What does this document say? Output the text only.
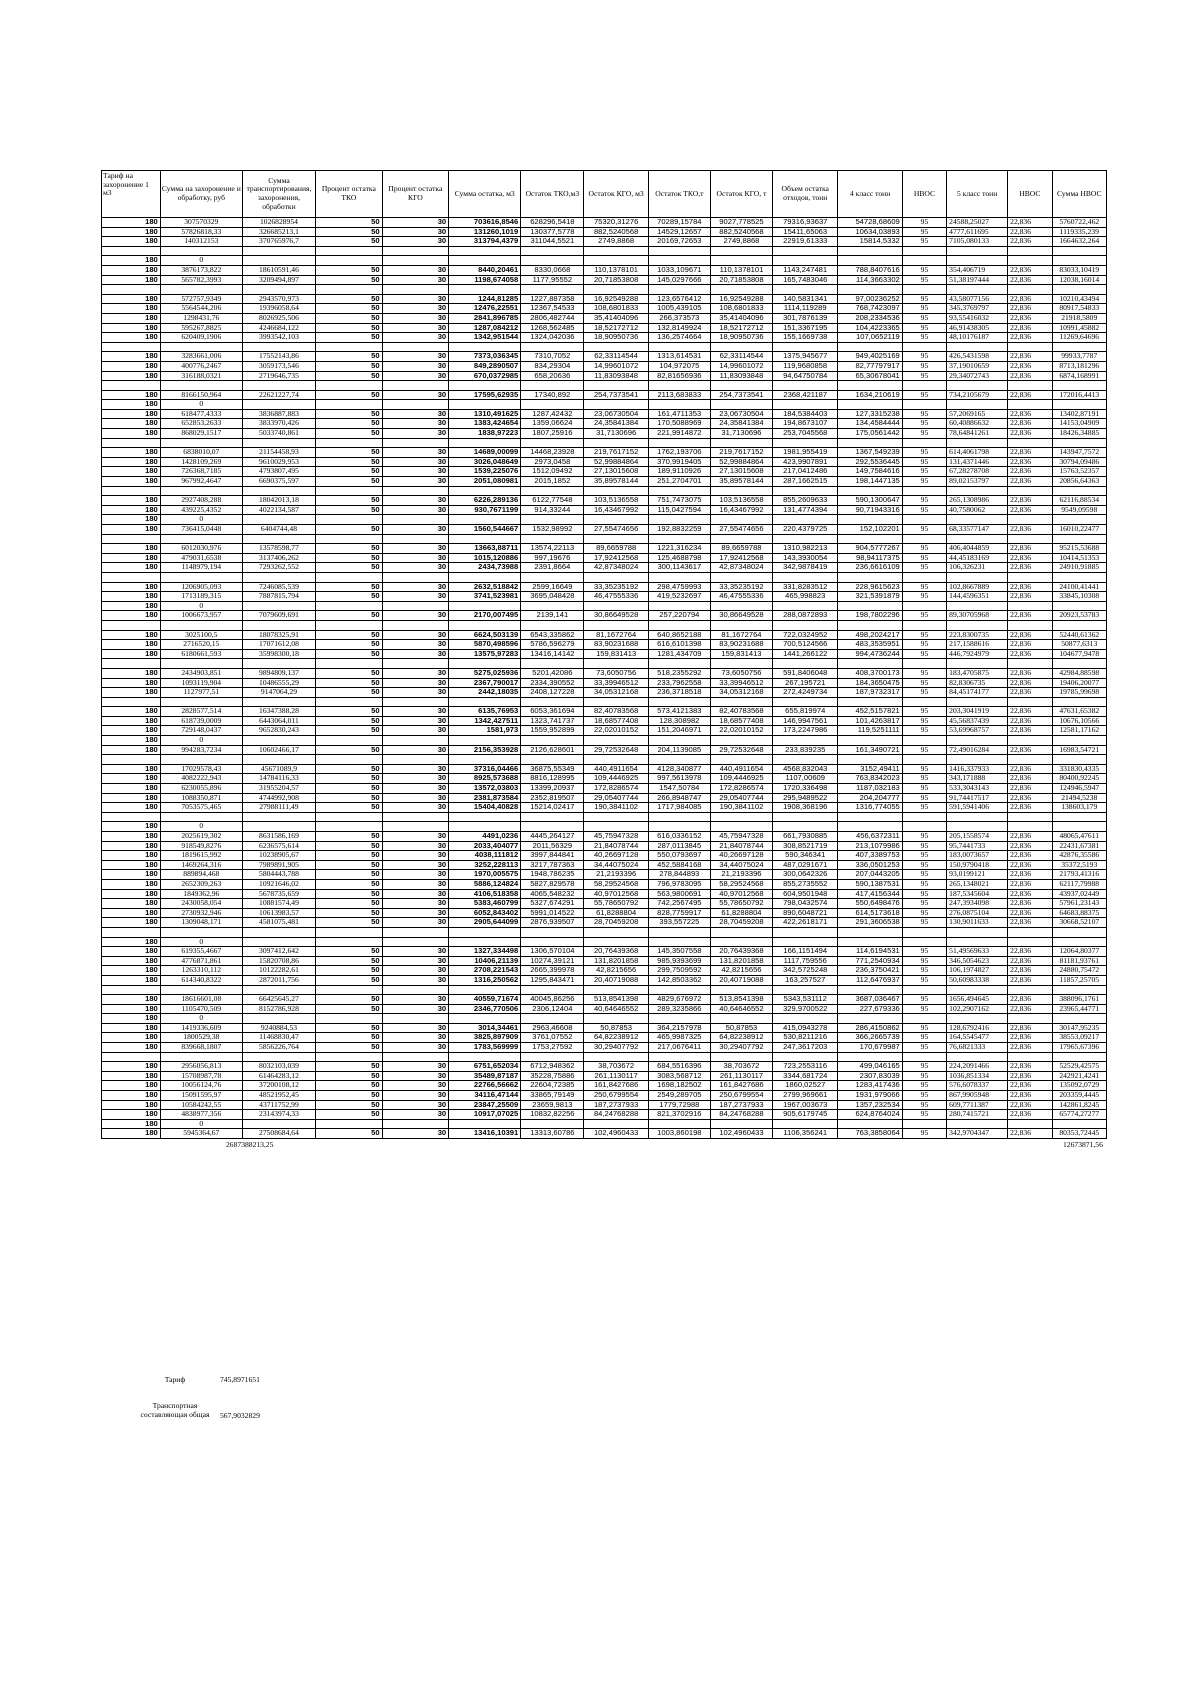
Тариф на захоронение 1 м3	Сумма на захоронение и обработку, руб	Сумма транспортирования, захоронения, обработки	Процент остатка ТКО	Процент остатка КГО	Сумма остатка, м3	Остаток ТКО,м3	Остаток КГО, м3	Остаток ТКО,т	Остаток КГО, т	Объем остатка отходов, тонн	4 класс тонн	НВОС	5 класс тонн	НВОС	Сумма НВОС
180	307570329	1026828954	50	30	703616,8546	628296,5418	75320,31276	70289,15784	9027,778525	79316,93637	54728,68609	95	24588,25027	22,836	5760722,462
180	57826818,33	326685213,1	50	30	131260,1019	130377,5778	882,5240568	14529,12657	882,5240568	15411,65063	10634,03893	95	4777,611695	22,836	1119335,239
180	140312153	370765976,7	50	30	313794,4379	311044,5521	2749,8868	20169,72653	2749,8868	22919,61333	15814,5332	95	7105,080133	22,836	1664632,264

180	0														
180	3876173,822	18610591,46	50	30	8440,20461	8330,0668	110,1378101	1033,109671	110,1378101	1143,247481	788,8407616	95	354,406719	22,836	83033,10419
180	565782,3993	3209494,897	50	30	1198,674058	1177,95552	20,71853808	145,0297666	20,71853808	165,7483046	114,3663302	95	51,38197444	22,836	12038,16014

180	572757,9349	2943570,973	50	30	1244,81285	1227,887358	16,92549288	123,6576412	16,92549288	140,5831341	97,00236252	95	43,58077156	22,836	10210,43494
180	5564544,206	19396058,64	50	30	12476,22551	12367,54533	108,6801833	1005,439105	108,6801833	1114,119289	768,7423097	95	345,3769797	22,836	80917,54833
180	1298431,76	8026925,506	50	30	2841,896785	2806,482744	35,41404096	266,373573	35,41404096	301,7876139	208,2334536	95	93,55416032	22,836	21918,5809
180	595267,8825	4246684,122	50	30	1287,084212	1268,562485	18,52172712	132,8149924	18,52172712	151,3367195	104,4223365	95	46,91438305	22,836	10991,45882
180	620409,1906	3993542,103	50	30	1342,951544	1324,042036	18,90950736	136,2574664	18,90950736	155,1669738	107,0652119	95	48,10176187	22,836	11269,64696

180	3283661,006	17552143,86	50	30	7373,036345	7310,7052	62,33114544	1313,614531	62,33114544	1375,945677	949,4025169	95	426,5431598	22,836	99933,7787
180	400776,2467	3059173,546	50	30	849,2890507	834,29304	14,99601072	104,972075	14,99601072	119,9680858	82,77797917	95	37,19010659	22,836	8713,181296
180	316188,0321	2719646,735	50	30	670,0372985	658,20636	11,83093848	82,81656936	11,83093848	94,64750784	65,30678041	95	29,34072743	22,836	6874,168991

180	8166150,964	22621227,74	50	30	17595,62935	17340,892	254,7373541	2113,683833	254,7373541	2368,421187	1634,210619	95	734,2105679	22,836	172016,4413
180	0														
180	618477,4333	3836887,883	50	30	1310,491625	1287,42432	23,06730504	161,4711353	23,06730504	184,5384403	127,3315238	95	57,2069165	22,836	13402,87191
180	652853,2633	3833970,426	50	30	1383,424654	1359,06624	24,35841384	170,5088969	24,35841384	194,8673107	134,4584444	95	60,40886632	22,836	14153,04909
180	868029,1517	5033740,861	50	30	1838,97223	1807,25916	31,7130696	221,9914872	31,7130696	253,7045568	175,0561442	95	78,64841261	22,836	18426,34885

180	6838010,07	21154458,93	50	30	14689,00099	14468,23928	219,7617152	1762,193706	219,7617152	1981,955419	1367,549239	95	614,4061798	22,836	143947,7572
180	1428109,269	9610029,953	50	30	3026,048649	2973,0458	52,99884864	370,9919405	52,99884864	423,9907891	292,5536445	95	131,4371446	22,836	30794,09486
180	726368,7185	4793807,495	50	30	1539,225076	1512,09492	27,13015608	189,9110926	27,13015608	217,0412486	149,7584616	95	67,28278708	22,836	15763,52357
180	967992,4647	6690375,597	50	30	2051,080981	2015,1852	35,89578144	251,2704701	35,89578144	287,1662515	198,1447135	95	89,02153797	22,836	20856,64363

180	2927408,288	18042013,18	50	30	6226,289136	6122,77548	103,5136558	751,7473075	103,5136558	855,2609633	590,1300647	95	265,1308986	22,836	62116,88534
180	439225,4352	4022134,587	50	30	930,7671199	914,33244	16,43467992	115,0427594	16,43467992	131,4774394	90,71943316	95	40,7580062	22,836	9549,09598
180	0														
180	736415,0448	6404744,48	50	30	1560,544667	1532,98992	27,55474656	192,8832259	27,55474656	220,4379725	152,102201	95	68,33577147	22,836	16010,22477

180	6012030,976	13578598,77	50	30	13663,88711	13574,22113	89,6659788	1221,316234	89,6659788	1310,982213	904,5777267	95	406,4044859	22,836	95215,53688
180	479031,6538	3137406,262	50	30	1015,120886	997,19676	17,92412568	125,4688798	17,92412568	143,3930054	98,94117375	95	44,45183169	22,836	10414,51353
180	1148979,194	7293262,552	50	30	2434,73988	2391,8664	42,87348024	300,1143617	42,87348024	342,9878419	236,6616109	95	106,326231	22,836	24910,91885

180	1206905,093	7246085,539	50	30	2632,518842	2599,16649	33,35235192	298,4759993	33,35235192	331,8283512	228,9615623	95	102,8667889	22,836	24100,41441
180	1713189,315	7887815,794	50	30	3741,523981	3695,048428	46,47555336	419,5232697	46,47555336	465,998823	321,5391879	95	144,4596351	22,836	33845,10308
180	0														
180	1006673,957	7079609,691	50	30	2170,007495	2139,141	30,86649528	257,220794	30,86649528	288,0872893	198,7802296	95	89,30705968	22,836	20923,53783

180	3025100,5	18078325,91	50	30	6624,503139	6543,335862	81,1672764	640,8652188	81,1672764	722,0324952	498,2024217	95	223,8300735	22,836	52440,61362
180	2716520,15	17071612,08	50	30	5870,498596	5786,596279	83,90231688	616,6101398	83,90231688	700,5124566	483,3535951	95	217,1588616	22,836	50877,6313
180	6180661,593	35998300,18	50	30	13575,97283	13416,14142	159,831413	1281,434709	159,831413	1441,266122	994,4736244	95	446,7924979	22,836	104677,9478

180	2434903,851	9894809,137	50	30	5275,025936	5201,42086	73,6050756	518,2355292	73,6050756	591,8406048	408,3700173	95	183,4705875	22,836	42984,88598
180	1093119,904	10486555,29	50	30	2367,790017	2334,390552	33,39946512	233,7962558	33,39946512	267,195721	184,3650475	95	82,8306735	22,836	19406,20077
180	1127977,51	9147064,29	50	30	2442,18035	2408,127228	34,05312168	236,3718518	34,05312168	272,4249734	187,9732317	95	84,45174177	22,836	19785,99698

180	2828577,514	16347388,28	50	30	6135,76953	6053,361694	82,40783568	573,4121383	82,40783568	655,819974	452,5157821	95	203,3041919	22,836	47631,65382
180	618739,0009	6443064,011	50	30	1342,427511	1323,741737	18,68577408	128,308982	18,68577408	146,9947561	101,4263817	95	45,56837439	22,836	10676,10566
180	729148,0437	9652830,243	50	30	1581,973	1559,952899	22,02010152	151,2046971	22,02010152	173,2247986	119,5251111	95	53,69968757	22,836	12581,17162
180	0														
180	994283,7234	10602466,17	50	30	2156,353928	2126,628601	29,72532648	204,1139085	29,72532648	233,839235	161,3490721	95	72,49016284	22,836	16983,54721

180	17029578,43	45671089,9	50	30	37316,04466	36875,55349	440,4911654	4128,340877	440,4911654	4568,832043	3152,49411	95	1416,337933	22,836	331830,4335
180	4082222,943	14784116,33	50	30	8925,573688	8816,128995	109,4446925	997,5613978	109,4446925	1107,00609	763,8342023	95	343,171888	22,836	80400,92245
180	6230055,896	31955204,57	50	30	13572,03803	13399,20937	172,8286574	1547,50784	172,8286574	1720,336498	1187,032183	95	533,3043143	22,836	124946,5947
180	1088350,871	4744992,908	50	30	2381,873584	2352,819507	29,05407744	266,8948747	29,05407744	295,9489522	204,204777	95	91,74417517	22,836	21494,5238
180	7053575,465	27988111,49	50	30	15404,40828	15214,02417	190,3841102	1717,984085	190,3841102	1908,368196	1316,774055	95	591,5941406	22,836	138603,179

180	0														
180	2025619,302	8631586,169	50	30	4491,0236	4445,264127	45,75947328	616,0336152	45,75947328	661,7930885	456,6372311	95	205,1558574	22,836	48065,47611
180	918549,8276	6236575,614	50	30	2033,404077	2011,56329	21,84078744	287,0113845	21,84078744	308,8521719	213,1079986	95	95,7441733	22,836	22431,67381
180	1819615,992	10238905,67	50	30	4038,111812	3997,844841	40,26697128	550,0793697	40,26697128	590,346341	407,3389753	95	183,0073657	22,836	42876,35586
180	1469264,316	7989891,905	50	30	3252,228113	3217,787363	34,44075024	452,5884168	34,44075024	487,0291671	336,0501253	95	150,9790418	22,836	35372,5193
180	889894,468	5804443,788	50	30	1970,005575	1948,786235	21,2193396	278,844893	21,2193396	300,0642326	207,0443205	95	93,0199121	22,836	21793,41316
180	2652309,263	10921646,02	50	30	5886,124824	5827,829578	58,29524568	796,9783095	58,29524568	855,2735552	590,1387531	95	265,1348021	22,836	62117,79988
180	1849362,96	5678735,659	50	30	4106,518358	4065,548232	40,97012568	563,9800691	40,97012568	604,9501948	417,4156344	95	187,5345604	22,836	43937,02449
180	2430058,054	10881574,49	50	30	5383,460799	5327,674291	55,78650792	742,2567495	55,78650792	798,0432574	550,6498476	95	247,3934098	22,836	57961,23143
180	2730932,946	10613983,57	50	30	6052,843402	5991,014522	61,8288804	828,7759917	61,8288804	890,6048721	614,5173618	95	276,0875104	22,836	64683,88375
180	1309048,171	4581075,481	50	30	2905,644099	2876,939507	28,70459208	393,557225	28,70459208	422,2618171	291,3606538	95	130,9011633	22,836	30668,52107

180	0														
180	619355,4667	3097412,642	50	30	1327,334498	1306,570104	20,76439368	145,3507558	20,76439368	166,1151494	114,6194531	95	51,49569633	22,836	12064,80377
180	4776871,861	15820708,86	50	30	10406,21139	10274,39121	131,8201858	985,9393699	131,8201858	1117,759556	771,2540934	95	346,5054623	22,836	81181,93761
180	1263310,112	10122282,61	50	30	2708,221543	2665,399978	42,8215656	299,7509592	42,8215656	342,5725248	236,3750421	95	106,1974827	22,836	24880,75472
180	614340,8322	2872011,756	50	30	1316,250562	1295,843471	20,40719088	142,8503362	20,40719088	163,257527	112,6476937	95	50,60983338	22,836	11857,25705

180	18616601,08	66425645,27	50	30	40559,71674	40045,86256	513,8541398	4829,676972	513,8541398	5343,531112	3687,036467	95	1656,494645	22,836	388096,1761
180	1105470,509	8152786,928	50	30	2346,770506	2306,12404	40,64646552	289,3235866	40,64646552	329,9700522	227,679336	95	102,2907162	22,836	23965,44771
180	0														
180	1419336,609	9240884,53	50	30	3014,34461	2963,46608	50,87853	364,2157978	50,87853	415,0943278	286,4150862	95	128,6792416	22,836	30147,95235
180	1800529,38	11468830,47	50	30	3825,897909	3761,07552	64,82238912	465,9987325	64,82238912	530,8211216	366,2665739	95	164,5545477	22,836	38553,09217
180	839668,1807	5856226,764	50	30	1783,569999	1753,27592	30,29407792	217,0676411	30,29407792	247,3617203	170,679987	95	76,6821333	22,836	17965,67396

180	2956056,813	8032103,039	50	30	6751,652034	6712,948362	38,703672	684,5516396	38,703672	723,2553116	499,046165	95	224,2091466	22,836	52529,42575
180	15708987,78	61464283,12	50	30	35489,87187	35228,75886	261,1130117	3083,568712	261,1130117	3344,681724	2307,83039	95	1036,851334	22,836	242921,4241
180	10056124,76	37200108,12	50	30	22766,56662	22604,72385	161,8427686	1698,182502	161,8427686	1860,02527	1283,417436	95	576,6078337	22,836	135092,0729
180	15091595,97	48521952,45	50	30	34116,47144	33865,79149	250,6799554	2549,289705	250,6799554	2799,969661	1931,979066	95	867,9905948	22,836	203359,4445
180	10584242,55	43711752,99	50	30	23847,25509	23659,9813	187,2737933	1779,72988	187,2737933	1967,003673	1357,232534	95	609,7711387	22,836	142861,8245
180	4838977,356	23143974,33	50	30	10917,07025	10832,82256	84,24768288	821,3702916	84,24768288	905,6179745	624,8764024	95	280,7415721	22,836	65774,27277
180	0														
180	5945364,67	27508684,64	50	30	13416,10391	13313,60786	102,4960433	1003,860198	102,4960433	1106,356241	763,3858064	95	342,9704347	22,836	80353,72445
2687388213,25	12673871,56
Тариф	745,8971651
Транспортная составляющая общая 567,9032829
